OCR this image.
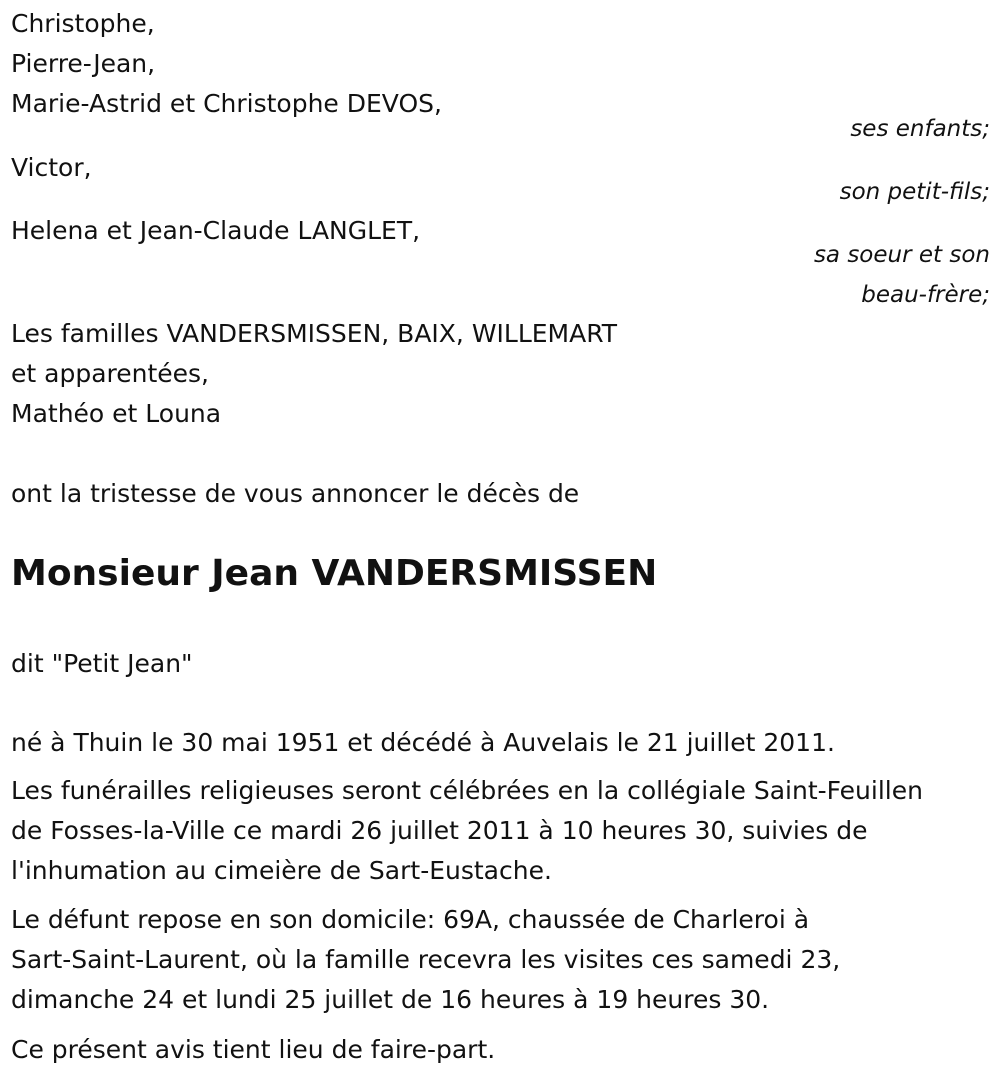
Christophe,
Pierre-Jean,
Marie-Astrid et Christophe DEVOS,
ses enfants;
Victor,
son petit-fils;
Helena et Jean-Claude LANGLET,
sa soeur et son
beau-frère;
Les familles VANDERSMISSEN, BAIX, WILLEMART
et apparentées,
Mathéo et Louna
ont la tristesse de vous annoncer le décès de
Monsieur Jean VANDERSMISSEN
dit "Petit Jean"
né à Thuin le 30 mai 1951 et décédé à Auvelais le 21 juillet 2011.
Les funérailles religieuses seront célébrées en la collégiale Saint-Feuillen
de Fosses-la-Ville ce mardi 26 juillet 2011 à 10 heures 30, suivies de
l'inhumation au cimeière de Sart-Eustache.
Le défunt repose en son domicile: 69A, chaussée de Charleroi à
Sart-Saint-Laurent, où la famille recevra les visites ces samedi 23,
dimanche 24 et lundi 25 juillet de 16 heures à 19 heures 30.
Ce présent avis tient lieu de faire-part.
